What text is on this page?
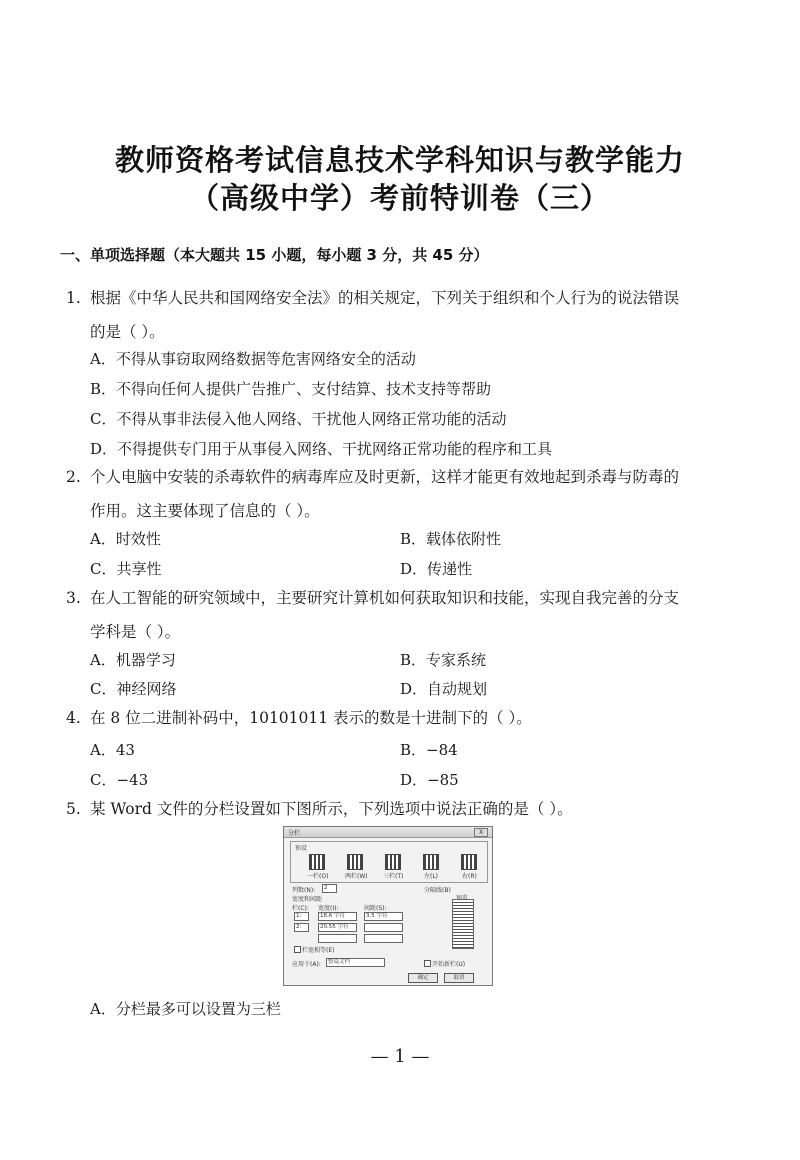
教师资格考试信息技术学科知识与教学能力
（高级中学）考前特训卷（三）
一、单项选择题（本大题共 15 小题，每小题 3 分，共 45 分）
1. 根据《中华人民共和国网络安全法》的相关规定，下列关于组织和个人行为的说法错误
的是（ ）。
A．不得从事窃取网络数据等危害网络安全的活动
B．不得向任何人提供广告推广、支付结算、技术支持等帮助
C．不得从事非法侵入他人网络、干扰他人网络正常功能的活动
D．不得提供专门用于从事侵入网络、干扰网络正常功能的程序和工具
2. 个人电脑中安装的杀毒软件的病毒库应及时更新，这样才能更有效地起到杀毒与防毒的
作用。这主要体现了信息的（ ）。
A．时效性	B．载体依附性
C．共享性	D．传递性
3. 在人工智能的研究领域中，主要研究计算机如何获取知识和技能，实现自我完善的分支
学科是（ ）。
A．机器学习	B．专家系统
C．神经网络	D．自动规划
4. 在 8 位二进制补码中，10101011 表示的数是十进制下的（ ）。
A．43	B．−84
C．−43	D．−85
5. 某 Word 文件的分栏设置如下图所示，下列选项中说法正确的是（ ）。
分栏	X
预设
一栏(O)	两栏(W)	三栏(T)	左(L)	右(R)
列数(N):	2	分隔线(B)
宽度和间距
栏(C): 宽度(I):	间距(S):
1:	18.6 字符	3.5 字符
2:	20.55 字符
栏宽相等(E)
应用于(A):	整篇文档	开始新栏(U)
确定	取消
A．分栏最多可以设置为三栏
— 1 —
